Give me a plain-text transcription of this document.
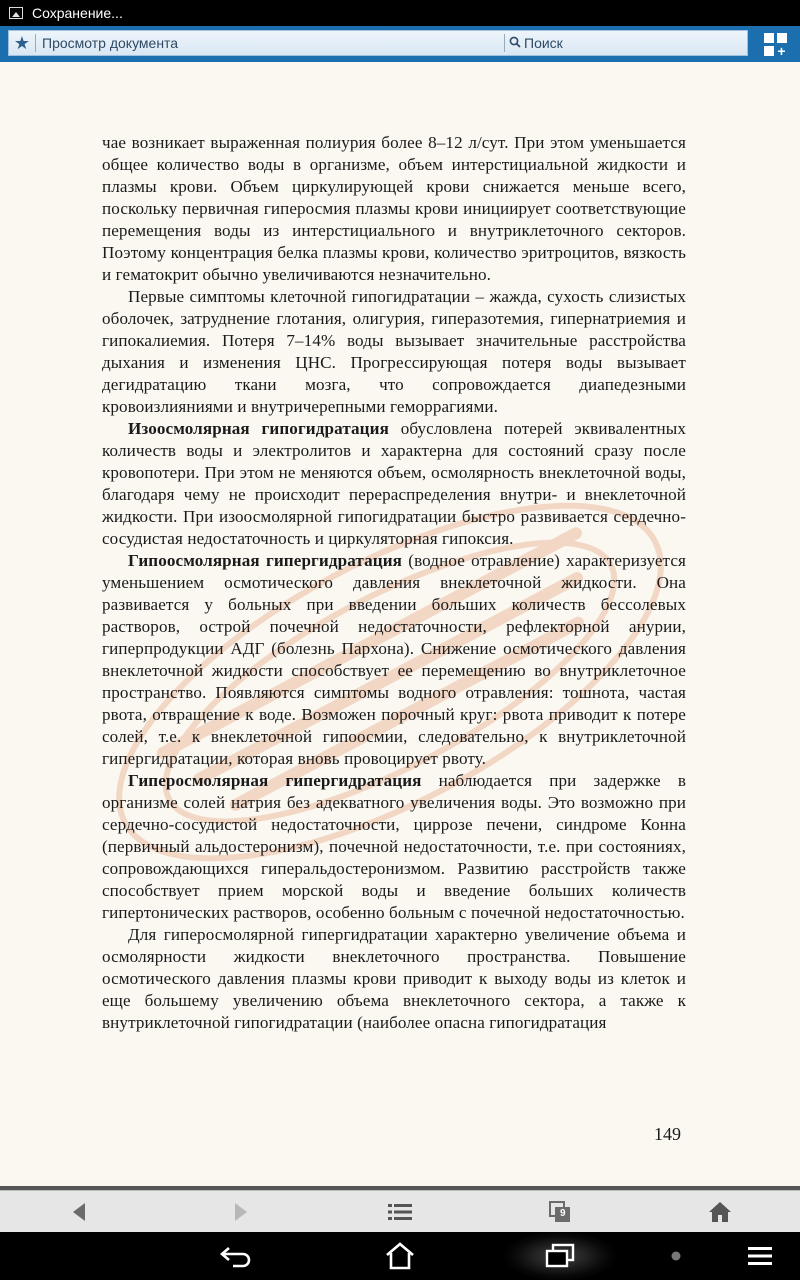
Сохранение...
★ Просмотр документа	Поиск	+

чае возникает выраженная полиурия более 8–12 л/сут. При этом уменьшается общее количество воды в организме, объем интерстициальной жидкости и плазмы крови. Объем циркулирующей крови снижается меньше всего, поскольку первичная гиперосмия плазмы крови инициирует соответствующие перемещения воды из интерстициального и внутриклеточного секторов. Поэтому концентрация белка плазмы крови, количество эритроцитов, вязкость и гематокрит обычно увеличиваются незначительно.

Первые симптомы клеточной гипогидратации – жажда, сухость слизистых оболочек, затруднение глотания, олигурия, гиперазотемия, гипернатриемия и гипокалиемия. Потеря 7–14% воды вызывает значительные расстройства дыхания и изменения ЦНС. Прогрессирующая потеря воды вызывает дегидратацию ткани мозга, что сопровождается диапедезными кровоизлияниями и внутричерепными геморрагиями.

Изоосмолярная гипогидратация обусловлена потерей эквивалентных количеств воды и электролитов и характерна для состояний сразу после кровопотери. При этом не меняются объем, осмолярность внеклеточной воды, благодаря чему не происходит перераспределения внутри- и внеклеточной жидкости. При изоосмолярной гипогидратации быстро развивается сердечно-сосудистая недостаточность и циркуляторная гипоксия.

Гипоосмолярная гипергидратация (водное отравление) характеризуется уменьшением осмотического давления внеклеточной жидкости. Она развивается у больных при введении больших количеств бессолевых растворов, острой почечной недостаточности, рефлекторной анурии, гиперпродукции АДГ (болезнь Пархона). Снижение осмотического давления внеклеточной жидкости способствует ее перемещению во внутриклеточное пространство. Появляются симптомы водного отравления: тошнота, частая рвота, отвращение к воде. Возможен порочный круг: рвота приводит к потере солей, т.е. к внеклеточной гипоосмии, следовательно, к внутриклеточной гипергидратации, которая вновь провоцирует рвоту.

Гиперосмолярная гипергидратация наблюдается при задержке в организме солей натрия без адекватного увеличения воды. Это возможно при сердечно-сосудистой недостаточности, циррозе печени, синдроме Конна (первичный альдостеронизм), почечной недостаточности, т.е. при состояниях, сопровождающихся гиперальдостеронизмом. Развитию расстройств также способствует прием морской воды и введение больших количеств гипертонических растворов, особенно больным с почечной недостаточностью.

Для гиперосмолярной гипергидратации характерно увеличение объема и осмолярности жидкости внеклеточного пространства. Повышение осмотического давления плазмы крови приводит к выходу воды из клеток и еще большему увеличению объема внеклеточного сектора, а также к внутриклеточной гипогидратации (наиболее опасна гипогидратация

149
9
